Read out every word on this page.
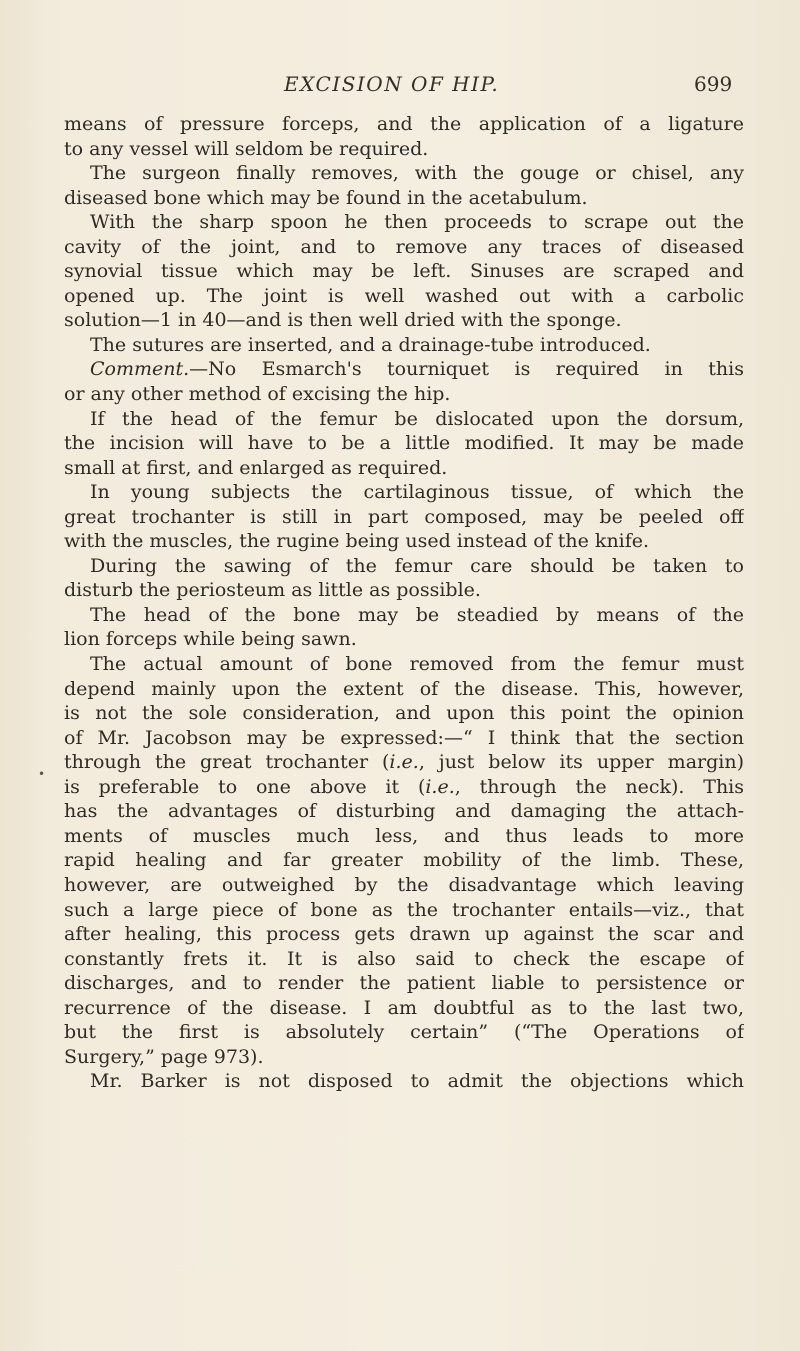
EXCISION OF HIP.	699
•
means of pressure forceps, and the application of a ligature
to any vessel will seldom be required.
The surgeon finally removes, with the gouge or chisel, any
diseased bone which may be found in the acetabulum.
With the sharp spoon he then proceeds to scrape out the
cavity of the joint, and to remove any traces of diseased
synovial tissue which may be left. Sinuses are scraped and
opened up. The joint is well washed out with a carbolic
solution—1 in 40—and is then well dried with the sponge.
The sutures are inserted, and a drainage-tube introduced.
Comment.—No Esmarch's tourniquet is required in this
or any other method of excising the hip.
If the head of the femur be dislocated upon the dorsum,
the incision will have to be a little modified. It may be made
small at first, and enlarged as required.
In young subjects the cartilaginous tissue, of which the
great trochanter is still in part composed, may be peeled off
with the muscles, the rugine being used instead of the knife.
During the sawing of the femur care should be taken to
disturb the periosteum as little as possible.
The head of the bone may be steadied by means of the
lion forceps while being sawn.
The actual amount of bone removed from the femur must
depend mainly upon the extent of the disease. This, however,
is not the sole consideration, and upon this point the opinion
of Mr. Jacobson may be expressed:—“ I think that the section
through the great trochanter (i.e., just below its upper margin)
is preferable to one above it (i.e., through the neck). This
has the advantages of disturbing and damaging the attach-
ments of muscles much less, and thus leads to more
rapid healing and far greater mobility of the limb. These,
however, are outweighed by the disadvantage which leaving
such a large piece of bone as the trochanter entails—viz., that
after healing, this process gets drawn up against the scar and
constantly frets it. It is also said to check the escape of
discharges, and to render the patient liable to persistence or
recurrence of the disease. I am doubtful as to the last two,
but the first is absolutely certain” (“The Operations of
Surgery,” page 973).
Mr. Barker is not disposed to admit the objections which
